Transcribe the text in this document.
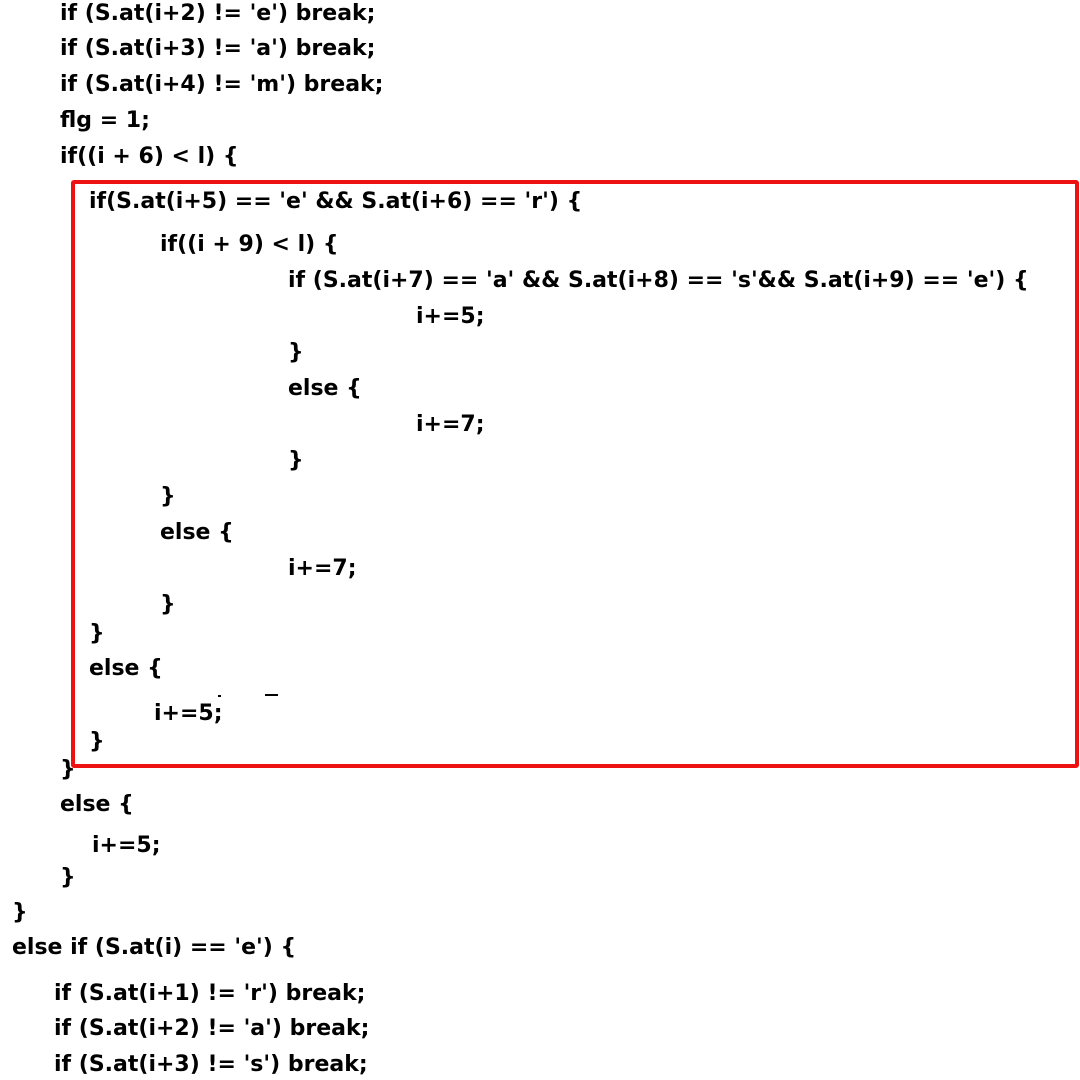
if (S.at(i+2) != 'e') break;

if (S.at(i+3) != 'a') break;

if (S.at(i+4) != 'm') break;

flg = 1;

if((i + 6) < l) {

if(S.at(i+5) == 'e' && S.at(i+6) == 'r') {

if((i + 9) < l) {

if (S.at(i+7) == 'a' && S.at(i+8) == 's'&& S.at(i+9) == 'e') {

i+=5;

}

else {

i+=7;

}

}

else {

i+=7;

}

}

else {

i+=5;

}

}

else {

i+=5;

}

}

else if (S.at(i) == 'e') {

if (S.at(i+1) != 'r') break;

if (S.at(i+2) != 'a') break;

if (S.at(i+3) != 's') break;
